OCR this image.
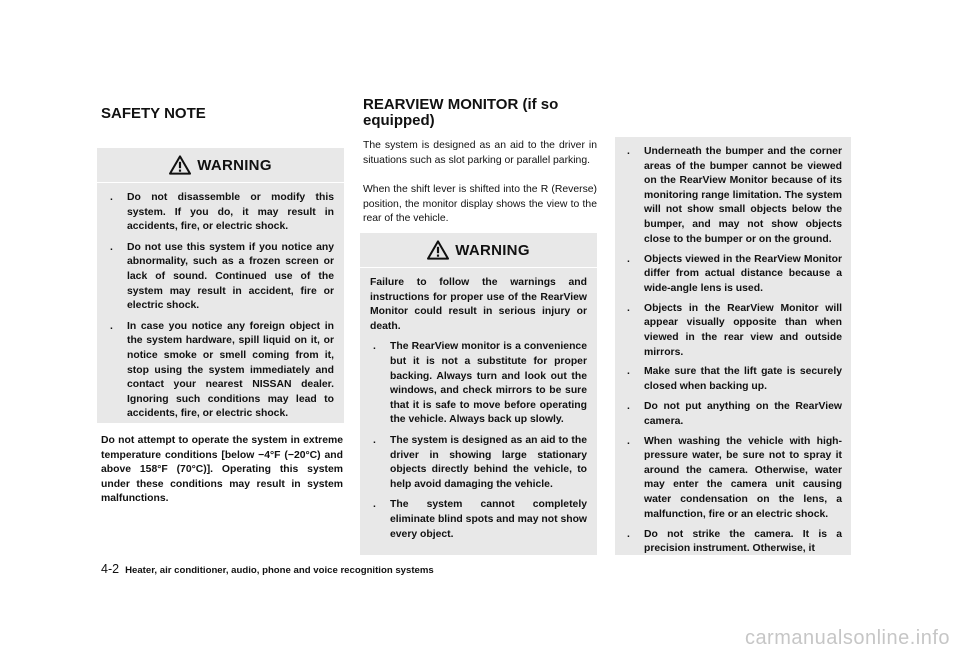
SAFETY NOTE
REARVIEW MONITOR (if so equipped)
WARNING
. Do not disassemble or modify this system. If you do, it may result in accidents, fire, or electric shock.
. Do not use this system if you notice any abnormality, such as a frozen screen or lack of sound. Continued use of the system may result in accident, fire or electric shock.
. In case you notice any foreign object in the system hardware, spill liquid on it, or notice smoke or smell coming from it, stop using the system immediately and contact your nearest NISSAN dealer. Ignoring such conditions may lead to accidents, fire, or electric shock.

Do not attempt to operate the system in extreme temperature conditions [below −4°F (−20°C) and above 158°F (70°C)]. Operating this system under these conditions may result in system malfunctions.

The system is designed as an aid to the driver in situations such as slot parking or parallel parking.

When the shift lever is shifted into the R (Reverse) position, the monitor display shows the view to the rear of the vehicle.

WARNING

Failure to follow the warnings and instructions for proper use of the RearView Monitor could result in serious injury or death.

. The RearView monitor is a convenience but it is not a substitute for proper backing. Always turn and look out the windows, and check mirrors to be sure that it is safe to move before operating the vehicle. Always back up slowly.
. The system is designed as an aid to the driver in showing large stationary objects directly behind the vehicle, to help avoid damaging the vehicle.
. The system cannot completely eliminate blind spots and may not show every object.
. Underneath the bumper and the corner areas of the bumper cannot be viewed on the RearView Monitor because of its monitoring range limitation. The system will not show small objects below the bumper, and may not show objects close to the bumper or on the ground.
. Objects viewed in the RearView Monitor differ from actual distance because a wide-angle lens is used.
. Objects in the RearView Monitor will appear visually opposite than when viewed in the rear view and outside mirrors.
. Make sure that the lift gate is securely closed when backing up.
. Do not put anything on the RearView camera.
. When washing the vehicle with high-pressure water, be sure not to spray it around the camera. Otherwise, water may enter the camera unit causing water condensation on the lens, a malfunction, fire or an electric shock.
. Do not strike the camera. It is a precision instrument. Otherwise, it
4-2 Heater, air conditioner, audio, phone and voice recognition systems
carmanualsonline.info
